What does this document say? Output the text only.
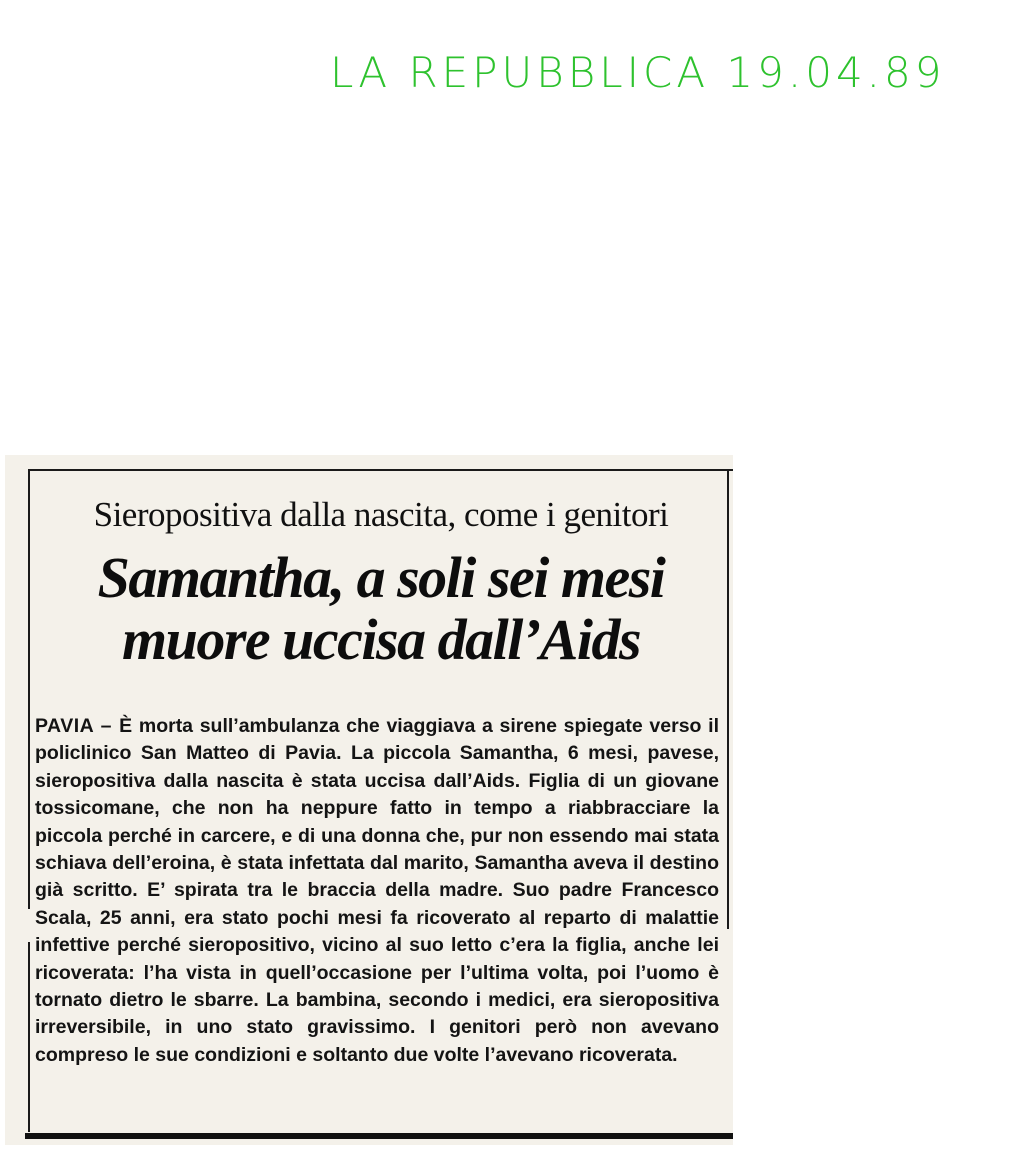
LA REPUBBLICA 19.04.89
Sieropositiva dalla nascita, come i genitori
Samantha, a soli sei mesi
muore uccisa dall’Aids
PAVIA – È morta sull’ambulanza che viaggiava a sirene spiegate verso il policlinico San Matteo di Pavia. La piccola Samantha, 6 mesi, pavese, sieropositiva dalla nascita è stata uccisa dall’Aids. Figlia di un giovane tossicomane, che non ha neppure fatto in tempo a riabbracciare la piccola perché in carcere, e di una donna che, pur non essendo mai stata schiava dell’eroina, è stata infettata dal marito, Samantha aveva il destino già scritto. E’ spirata tra le braccia della madre. Suo padre Francesco Scala, 25 anni, era stato pochi mesi fa ricoverato al reparto di malattie infettive perché sieropositivo, vicino al suo letto c’era la figlia, anche lei ricoverata: l’ha vista in quell’occasione per l’ultima volta, poi l’uomo è tornato dietro le sbarre. La bambina, secondo i medici, era sieropositiva irreversibile, in uno stato gravissimo. I genitori però non avevano compreso le sue condizioni e soltanto due volte l’avevano ricoverata.
